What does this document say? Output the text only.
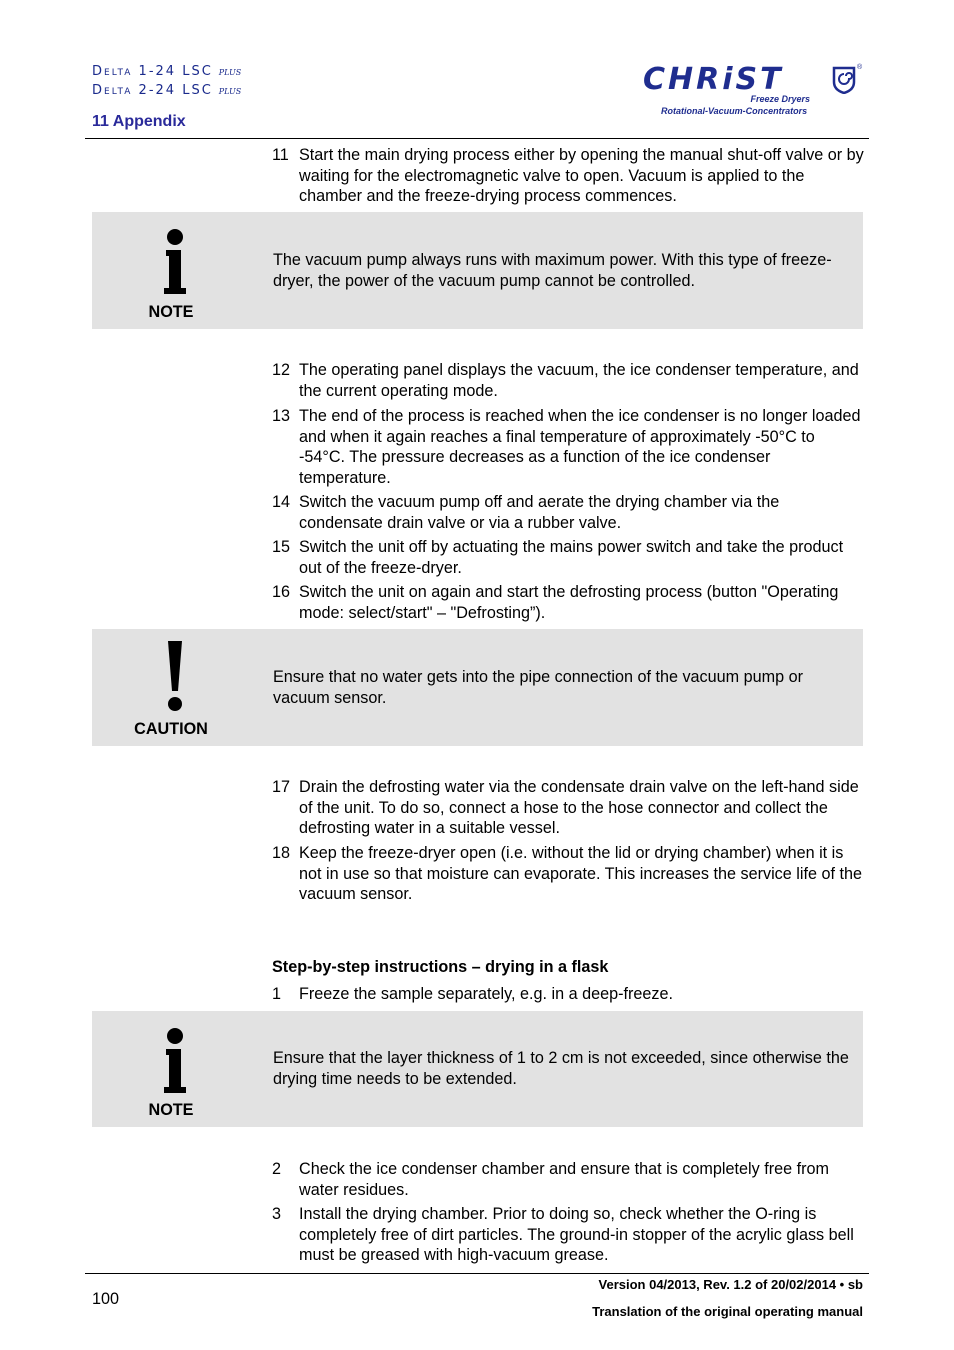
Delta 1-24 LSC plus
Delta 2-24 LSC plus
11 Appendix
CHRiST	®
Freeze Dryers
Rotational-Vacuum-Concentrators
11 Start the main drying process either by opening the manual shut-off valve or by waiting for the electromagnetic valve to open. Vacuum is applied to the chamber and the freeze-drying process commences.
NOTE
The vacuum pump always runs with maximum power. With this type of freeze-dryer, the power of the vacuum pump cannot be controlled.
12 The operating panel displays the vacuum, the ice condenser temperature, and the current operating mode.
13 The end of the process is reached when the ice condenser is no longer loaded and when it again reaches a final temperature of approximately -50°C to -54°C. The pressure decreases as a function of the ice condenser temperature.
14 Switch the vacuum pump off and aerate the drying chamber via the condensate drain valve or via a rubber valve.
15 Switch the unit off by actuating the mains power switch and take the product out of the freeze-dryer.
16 Switch the unit on again and start the defrosting process (button "Operating mode: select/start" – "Defrosting”).
CAUTION
Ensure that no water gets into the pipe connection of the vacuum pump or vacuum sensor.
17 Drain the defrosting water via the condensate drain valve on the left-hand side of the unit. To do so, connect a hose to the hose connector and collect the defrosting water in a suitable vessel.
18 Keep the freeze-dryer open (i.e. without the lid or drying chamber) when it is not in use so that moisture can evaporate. This increases the service life of the vacuum sensor.
Step-by-step instructions – drying in a flask
1 Freeze the sample separately, e.g. in a deep-freeze.
NOTE
Ensure that the layer thickness of 1 to 2 cm is not exceeded, since otherwise the drying time needs to be extended.
2 Check the ice condenser chamber and ensure that is completely free from water residues.
3 Install the drying chamber. Prior to doing so, check whether the O-ring is completely free of dirt particles. The ground-in stopper of the acrylic glass bell must be greased with high-vacuum grease.
100
Version 04/2013, Rev. 1.2 of 20/02/2014 • sb
Translation of the original operating manual
